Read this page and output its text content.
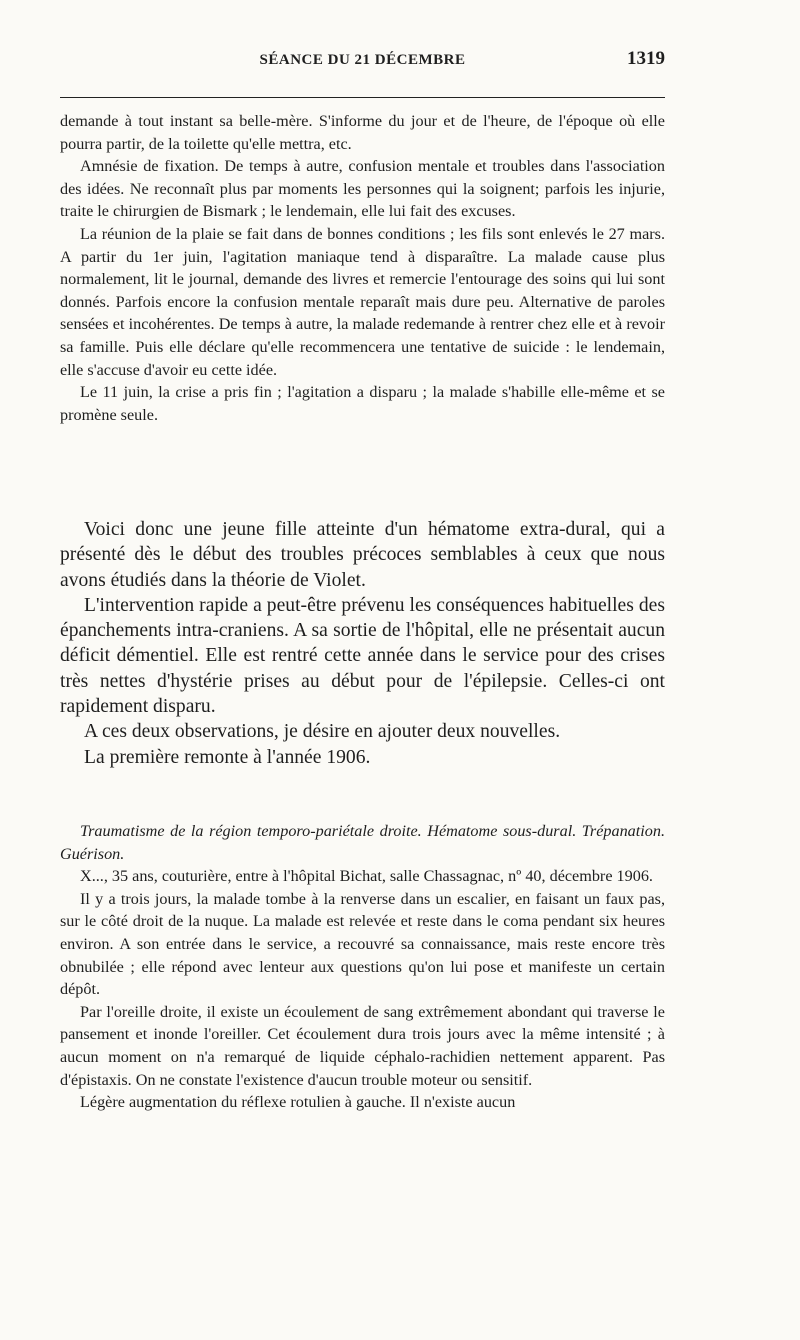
SÉANCE DU 21 DÉCEMBRE	1319

demande à tout instant sa belle-mère. S'informe du jour et de l'heure, de l'époque où elle pourra partir, de la toilette qu'elle mettra, etc.

Amnésie de fixation. De temps à autre, confusion mentale et troubles dans l'association des idées. Ne reconnaît plus par moments les personnes qui la soignent; parfois les injurie, traite le chirurgien de Bismark ; le lendemain, elle lui fait des excuses.

La réunion de la plaie se fait dans de bonnes conditions ; les fils sont enlevés le 27 mars. A partir du 1er juin, l'agitation maniaque tend à disparaître. La malade cause plus normalement, lit le journal, demande des livres et remercie l'entourage des soins qui lui sont donnés. Parfois encore la confusion mentale reparaît mais dure peu. Alternative de paroles sensées et incohérentes. De temps à autre, la malade redemande à rentrer chez elle et à revoir sa famille. Puis elle déclare qu'elle recommencera une tentative de suicide : le lendemain, elle s'accuse d'avoir eu cette idée.

Le 11 juin, la crise a pris fin ; l'agitation a disparu ; la malade s'habille elle-même et se promène seule.

Voici donc une jeune fille atteinte d'un hématome extra-dural, qui a présenté dès le début des troubles précoces semblables à ceux que nous avons étudiés dans la théorie de Violet.

L'intervention rapide a peut-être prévenu les conséquences habituelles des épanchements intra-craniens. A sa sortie de l'hôpital, elle ne présentait aucun déficit démentiel. Elle est rentré cette année dans le service pour des crises très nettes d'hystérie prises au début pour de l'épilepsie. Celles-ci ont rapidement disparu.

A ces deux observations, je désire en ajouter deux nouvelles.

La première remonte à l'année 1906.

Traumatisme de la région temporo-pariétale droite. Hématome sous-dural. Trépanation. Guérison.

X..., 35 ans, couturière, entre à l'hôpital Bichat, salle Chassagnac, nº 40, décembre 1906.

Il y a trois jours, la malade tombe à la renverse dans un escalier, en faisant un faux pas, sur le côté droit de la nuque. La malade est relevée et reste dans le coma pendant six heures environ. A son entrée dans le service, a recouvré sa connaissance, mais reste encore très obnubilée ; elle répond avec lenteur aux questions qu'on lui pose et manifeste un certain dépôt.

Par l'oreille droite, il existe un écoulement de sang extrêmement abondant qui traverse le pansement et inonde l'oreiller. Cet écoulement dura trois jours avec la même intensité ; à aucun moment on n'a remarqué de liquide céphalo-rachidien nettement apparent. Pas d'épistaxis. On ne constate l'existence d'aucun trouble moteur ou sensitif.

Légère augmentation du réflexe rotulien à gauche. Il n'existe aucun
